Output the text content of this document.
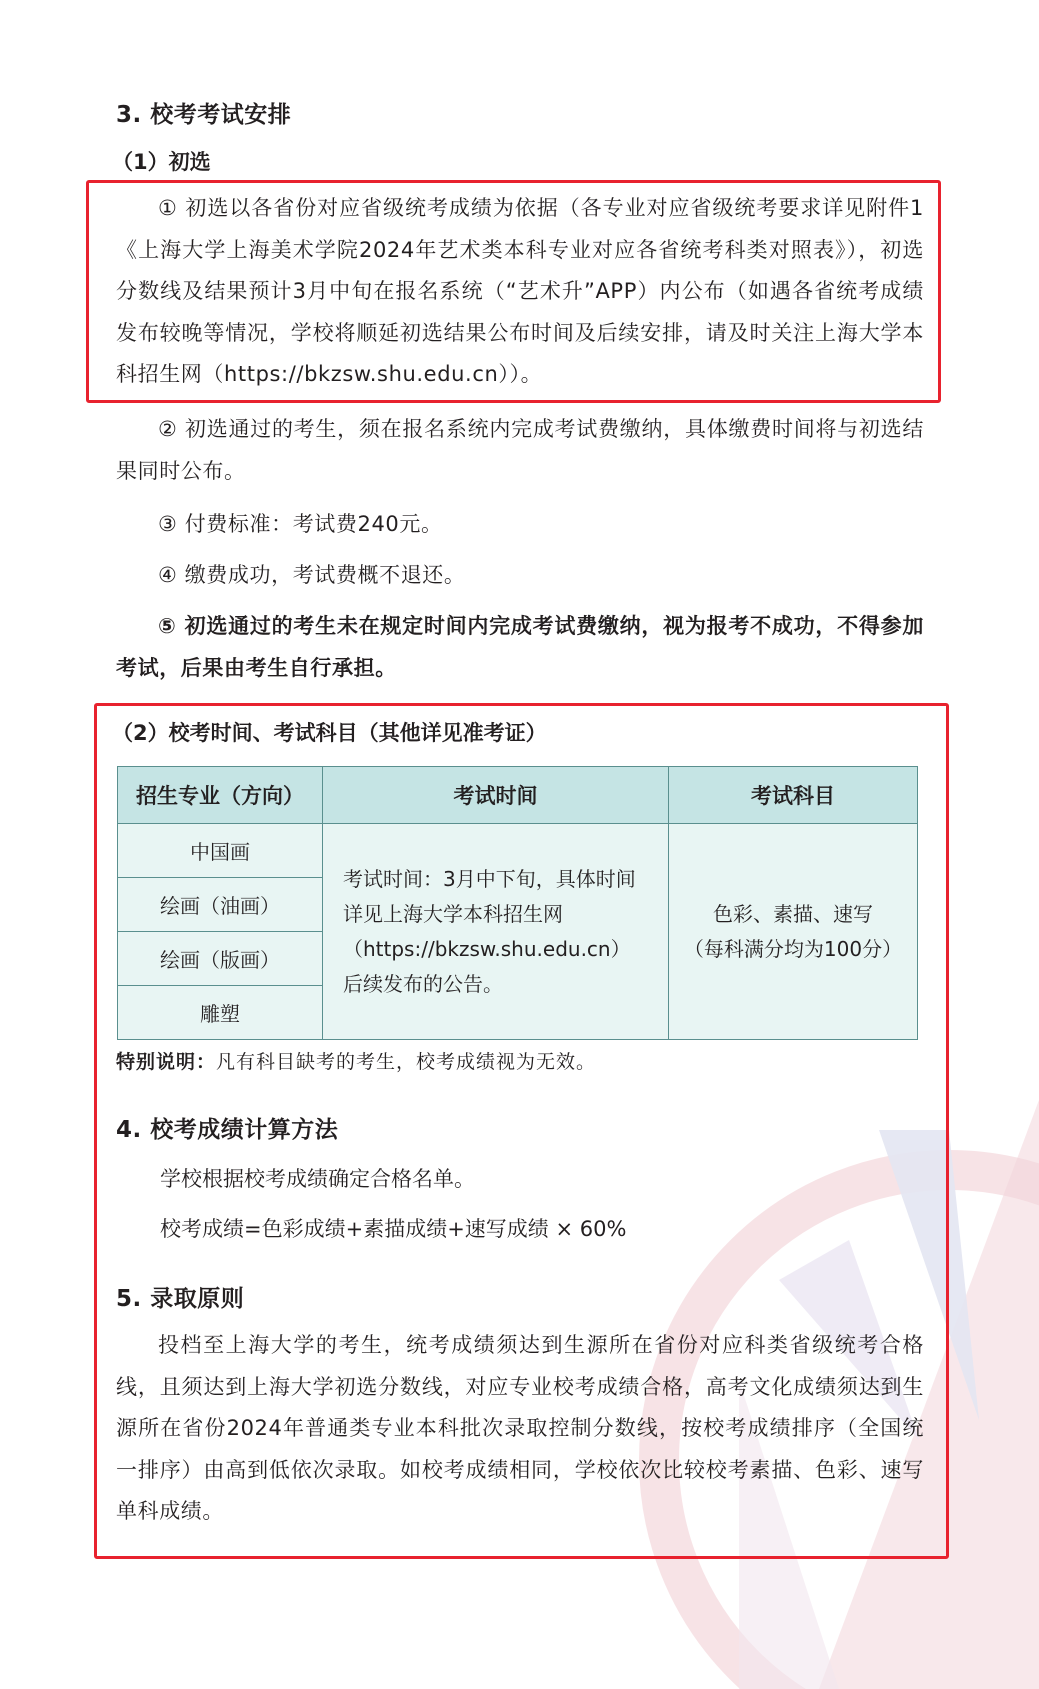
3. 校考考试安排
（1）初选

① 初选以各省份对应省级统考成绩为依据（各专业对应省级统考要求详见附件1《上海大学上海美术学院2024年艺术类本科专业对应各省统考科类对照表》），初选分数线及结果预计3月中旬在报名系统（“艺术升”APP）内公布（如遇各省统考成绩发布较晚等情况，学校将顺延初选结果公布时间及后续安排，请及时关注上海大学本科招生网（https://bkzsw.shu.edu.cn））。

② 初选通过的考生，须在报名系统内完成考试费缴纳，具体缴费时间将与初选结果同时公布。

③ 付费标准：考试费240元。

④ 缴费成功，考试费概不退还。

⑤ 初选通过的考生未在规定时间内完成考试费缴纳，视为报考不成功，不得参加考试，后果由考生自行承担。

（2）校考时间、考试科目（其他详见准考证）
招生专业（方向）	考试时间	考试科目
中国画	考试时间：3月中下旬，具体时间详见上海大学本科招生网（https://bkzsw.shu.edu.cn）后续发布的公告。	色彩、素描、速写
（每科满分均为100分）

绘画（油画）		
绘画（版画）		
雕塑		
特别说明：凡有科目缺考的考生，校考成绩视为无效。
4. 校考成绩计算方法
学校根据校考成绩确定合格名单。
校考成绩=色彩成绩+素描成绩+速写成绩 × 60%
5. 录取原则

投档至上海大学的考生，统考成绩须达到生源所在省份对应科类省级统考合格线，且须达到上海大学初选分数线，对应专业校考成绩合格，高考文化成绩须达到生源所在省份2024年普通类专业本科批次录取控制分数线，按校考成绩排序（全国统一排序）由高到低依次录取。如校考成绩相同，学校依次比较校考素描、色彩、速写单科成绩。
